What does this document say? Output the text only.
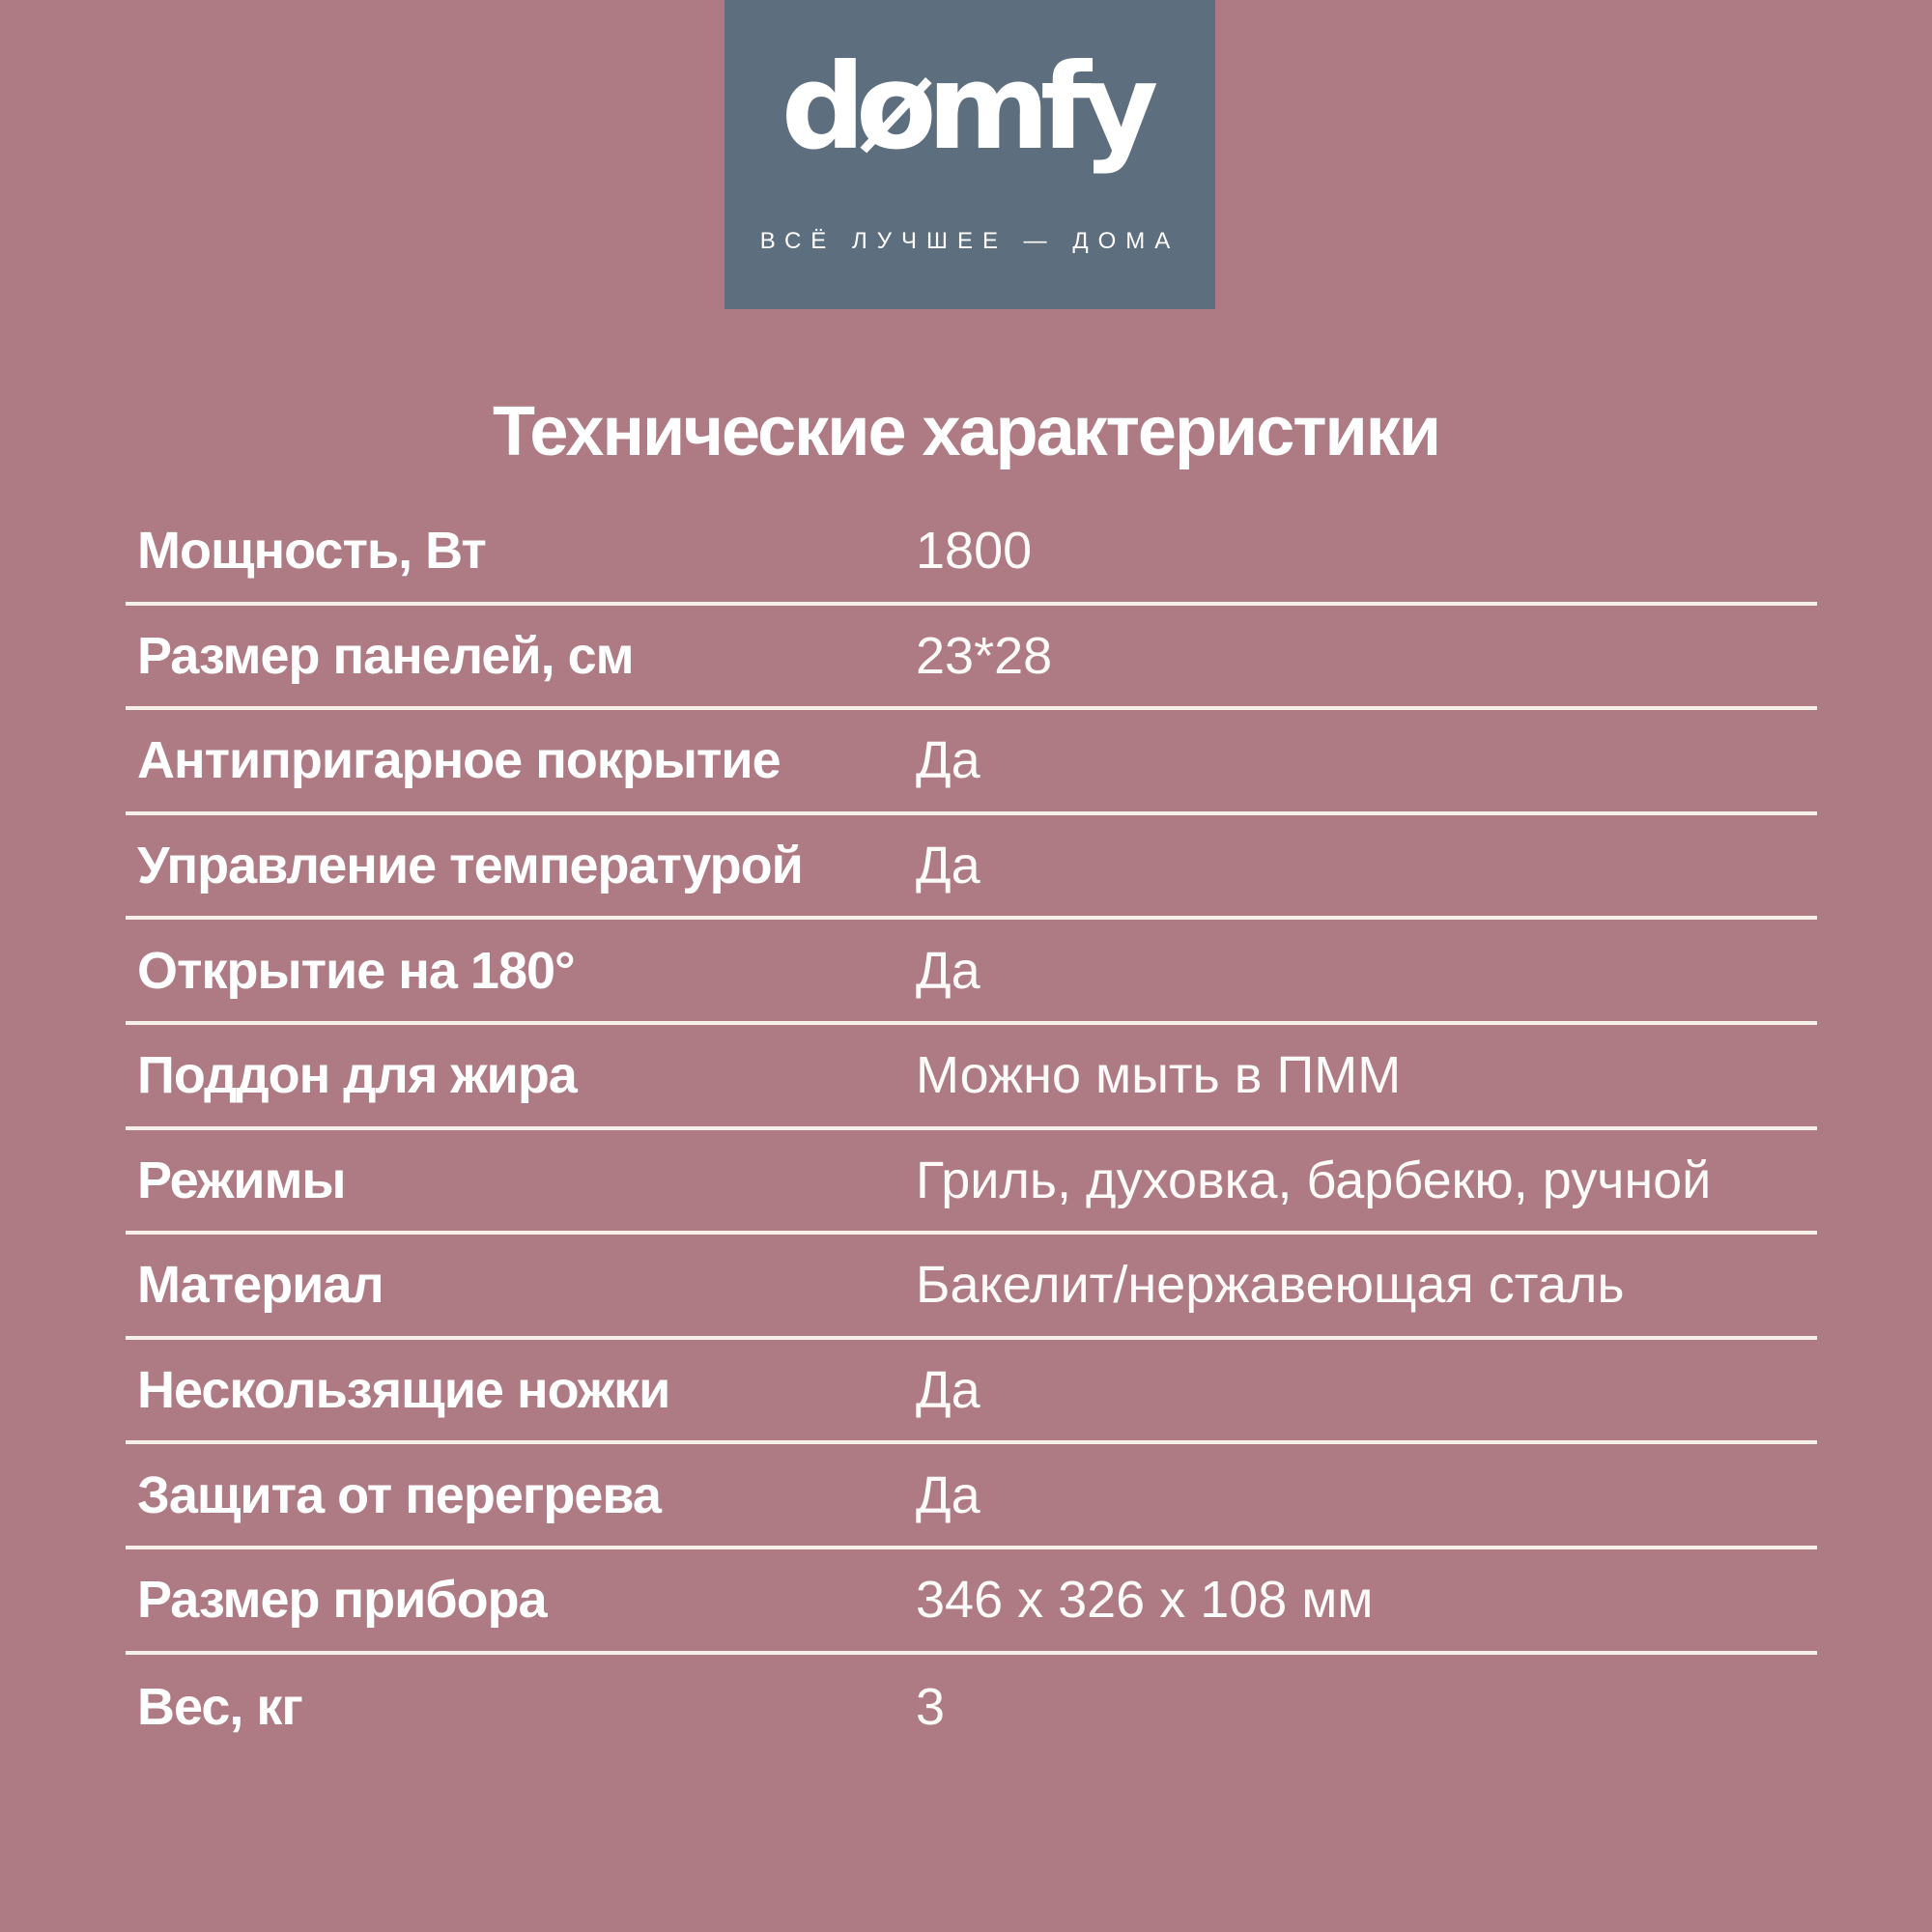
dømfy
ВСЁ ЛУЧШЕЕ — ДОМА
Технические характеристики
Мощность, Вт	1800
Размер панелей, см	23*28
Антипригарное покрытие	Да
Управление температурой	Да
Открытие на 180°	Да
Поддон для жира	Можно мыть в ПММ
Режимы	Гриль, духовка, барбекю, ручной
Материал	Бакелит/нержавеющая сталь
Нескользящие ножки	Да
Защита от перегрева	Да
Размер прибора	346 x 326 x 108 мм
Вес, кг	3
